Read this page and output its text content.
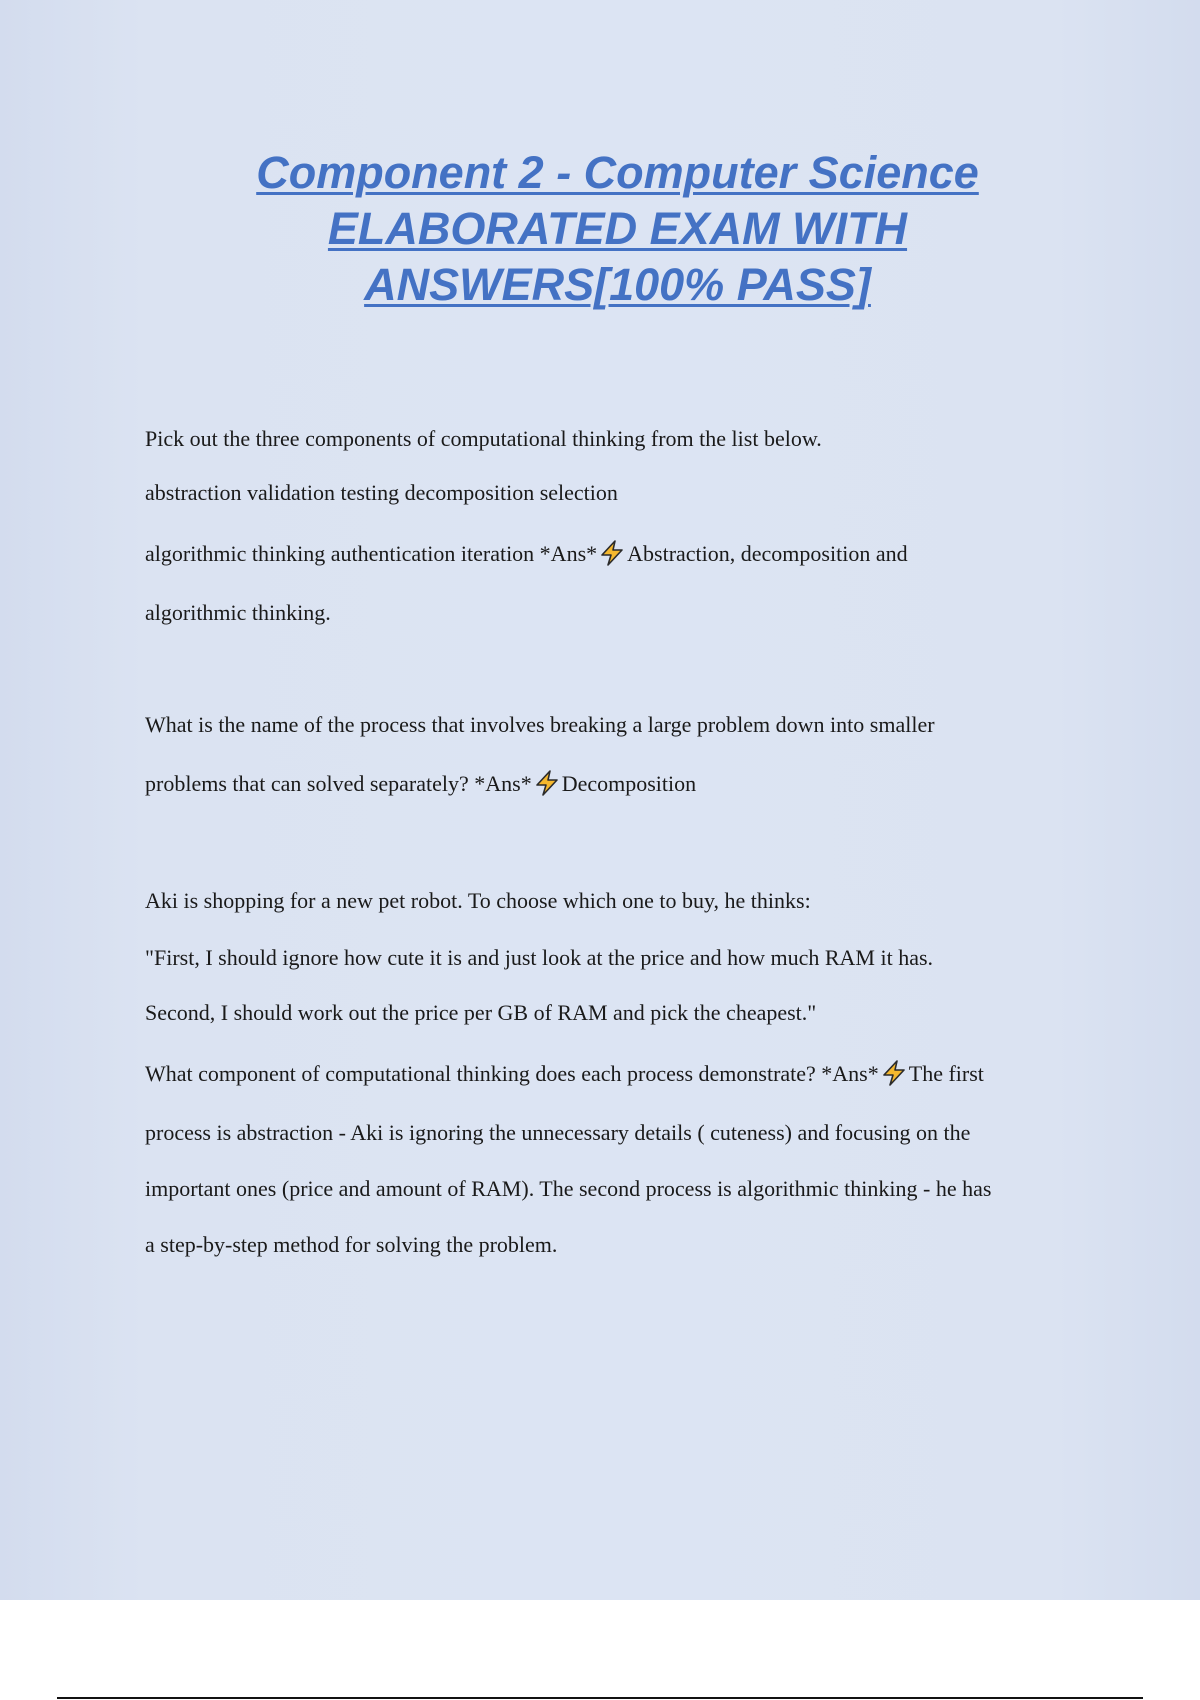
Component 2 - Computer Science
ELABORATED EXAM WITH
ANSWERS[100% PASS]
Pick out the three components of computational thinking from the list below.
abstraction validation testing decomposition selection
algorithmic thinking authentication iteration *Ans* Abstraction, decomposition and
algorithmic thinking.
What is the name of the process that involves breaking a large problem down into smaller
problems that can solved separately? *Ans* Decomposition
Aki is shopping for a new pet robot. To choose which one to buy, he thinks:
"First, I should ignore how cute it is and just look at the price and how much RAM it has.
Second, I should work out the price per GB of RAM and pick the cheapest."
What component of computational thinking does each process demonstrate? *Ans* The first
process is abstraction - Aki is ignoring the unnecessary details ( cuteness) and focusing on the
important ones (price and amount of RAM). The second process is algorithmic thinking - he has
a step-by-step method for solving the problem.
